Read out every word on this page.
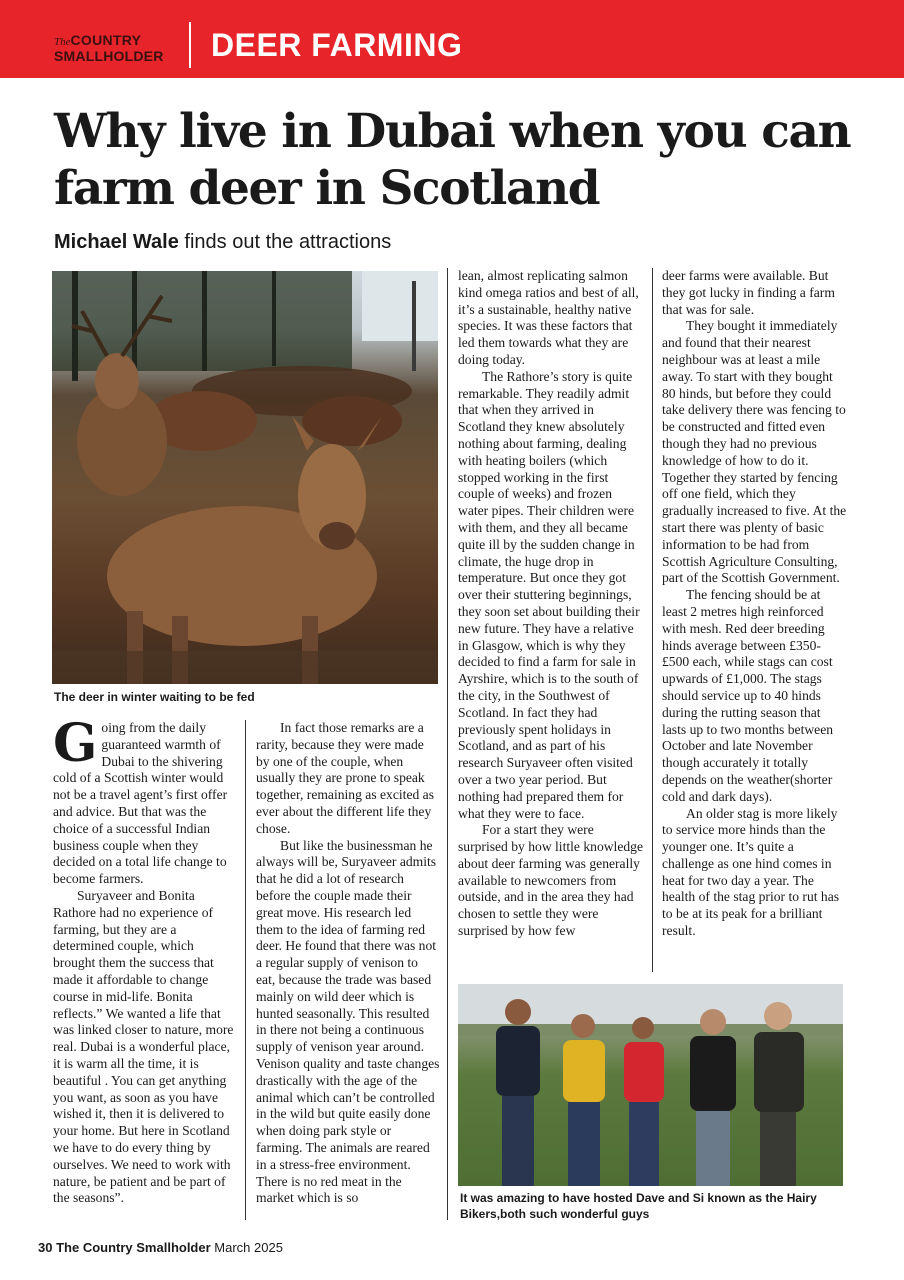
TheCOUNTRY
SMALLHOLDER DEER FARMING
Why live in Dubai when you can farm deer in Scotland
Michael Wale finds out the attractions
The deer in winter waiting to be fed

Going from the daily guaranteed warmth of Dubai to the shivering cold of a Scottish winter would not be a travel agent’s first offer and advice. But that was the choice of a successful Indian business couple when they decided on a total life change to become farmers.

Suryaveer and Bonita Rathore had no experience of farming, but they are a determined couple, which brought them the success that made it affordable to change course in mid-life. Bonita reflects.” We wanted a life that was linked closer to nature, more real. Dubai is a wonderful place, it is warm all the time, it is beautiful . You can get anything you want, as soon as you have wished it, then it is delivered to your home. But here in Scotland we have to do every thing by ourselves. We need to work with nature, be patient and be part of the seasons”.

In fact those remarks are a rarity, because they were made by one of the couple, when usually they are prone to speak together, remaining as excited as ever about the different life they chose.

But like the businessman he always will be, Suryaveer admits that he did a lot of research before the couple made their great move. His research led them to the idea of farming red deer. He found that there was not a regular supply of venison to eat, because the trade was based mainly on wild deer which is hunted seasonally. This resulted in there not being a continuous supply of venison year around. Venison quality and taste changes drastically with the age of the animal which can’t be controlled in the wild but quite easily done when doing park style or farming. The animals are reared in a stress-free environment. There is no red meat in the market which is so

lean, almost replicating salmon kind omega ratios and best of all, it’s a sustainable, healthy native species. It was these factors that led them towards what they are doing today.

The Rathore’s story is quite remarkable. They readily admit that when they arrived in Scotland they knew absolutely nothing about farming, dealing with heating boilers (which stopped working in the first couple of weeks) and frozen water pipes. Their children were with them, and they all became quite ill by the sudden change in climate, the huge drop in temperature. But once they got over their stuttering beginnings, they soon set about building their new future. They have a relative in Glasgow, which is why they decided to find a farm for sale in Ayrshire, which is to the south of the city, in the Southwest of Scotland. In fact they had previously spent holidays in Scotland, and as part of his research Suryaveer often visited over a two year period. But nothing had prepared them for what they were to face.

For a start they were surprised by how little knowledge about deer farming was generally available to newcomers from outside, and in the area they had chosen to settle they were surprised by how few

deer farms were available. But they got lucky in finding a farm that was for sale.

They bought it immediately and found that their nearest neighbour was at least a mile away. To start with they bought 80 hinds, but before they could take delivery there was fencing to be constructed and fitted even though they had no previous knowledge of how to do it. Together they started by fencing off one field, which they gradually increased to five. At the start there was plenty of basic information to be had from Scottish Agriculture Consulting, part of the Scottish Government.

The fencing should be at least 2 metres high reinforced with mesh. Red deer breeding hinds average between £350-£500 each, while stags can cost upwards of £1,000. The stags should service up to 40 hinds during the rutting season that lasts up to two months between October and late November though accurately it totally depends on the weather(shorter cold and dark days).

An older stag is more likely to service more hinds than the younger one. It’s quite a challenge as one hind comes in heat for two day a year. The health of the stag prior to rut has to be at its peak for a brilliant result.

It was amazing to have hosted Dave and Si known as the Hairy Bikers,both such wonderful guys
30 The Country Smallholder March 2025
